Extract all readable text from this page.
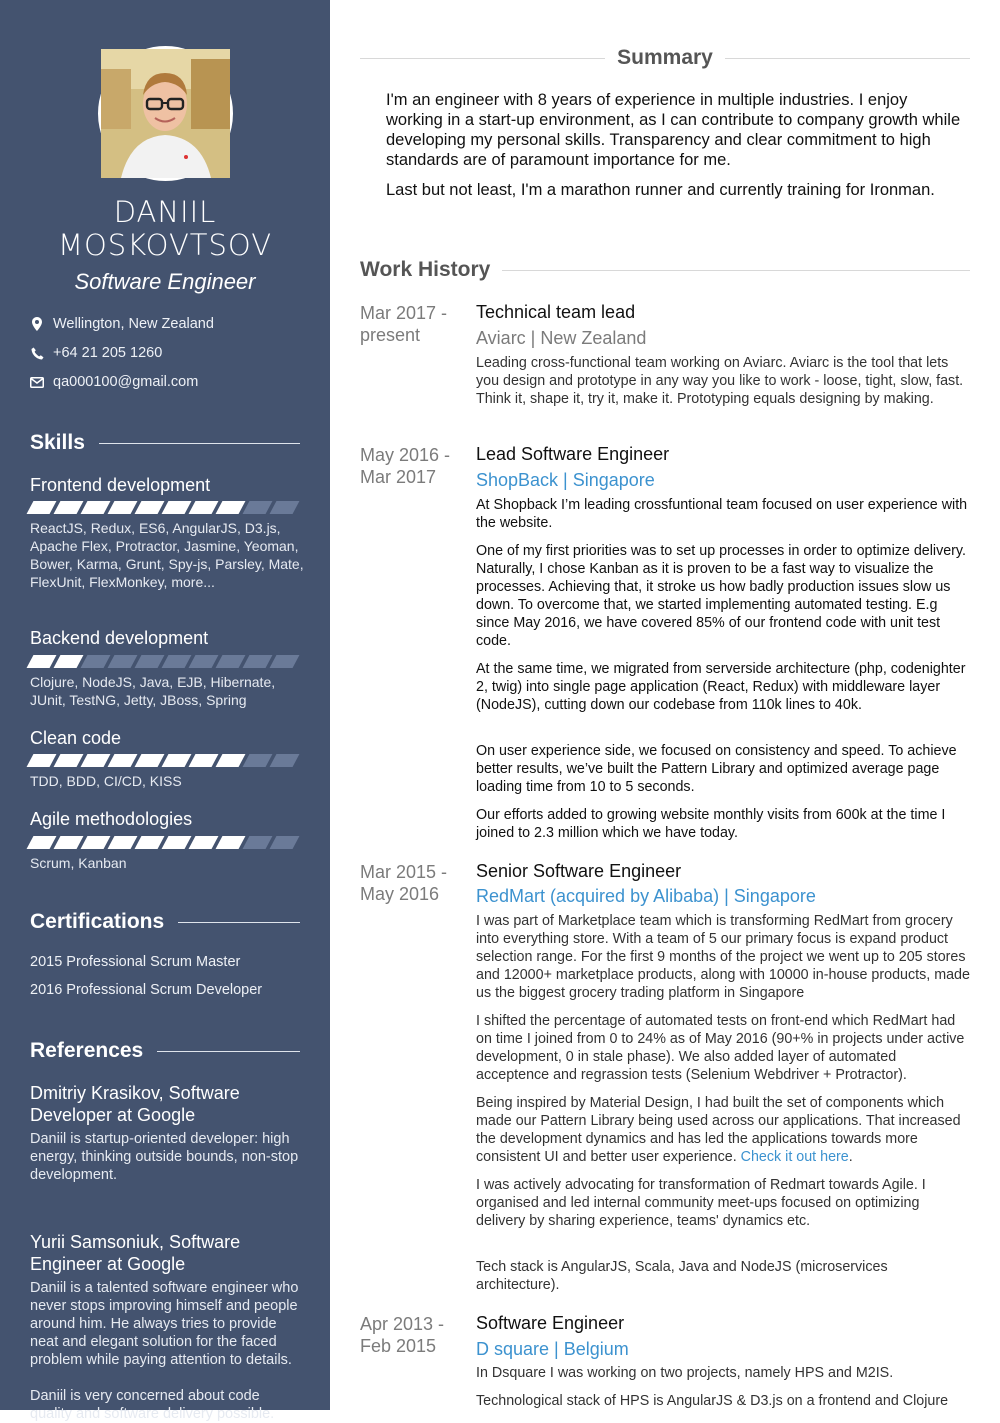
DANIIL
MOSKOVTSOV
Software Engineer
Wellington, New Zealand
+64 21 205 1260
qa000100@gmail.com
Skills
Frontend development
ReactJS, Redux, ES6, AngularJS, D3.js, Apache Flex, Protractor, Jasmine, Yeoman, Bower, Karma, Grunt, Spy-js, Parsley, Mate, FlexUnit, FlexMonkey, more...
Backend development
Clojure, NodeJS, Java, EJB, Hibernate, JUnit, TestNG, Jetty, JBoss, Spring
Clean code
TDD, BDD, CI/CD, KISS
Agile methodologies
Scrum, Kanban
Certifications
2015 Professional Scrum Master
2016 Professional Scrum Developer
References
Dmitriy Krasikov, Software Developer at Google
Daniil is startup-oriented developer: high energy, thinking outside bounds, non-stop development.
Yurii Samsoniuk, Software Engineer at Google
Daniil is a talented software engineer who never stops improving himself and people around him. He always tries to provide neat and elegant solution for the faced problem while paying attention to details.
Daniil is very concerned about code quality and software delivery possible.
Summary
I'm an engineer with 8 years of experience in multiple industries. I enjoy working in a start-up environment, as I can contribute to company growth while developing my personal skills. Transparency and clear commitment to high standards are of paramount importance for me.
Last but not least, I'm a marathon runner and currently training for Ironman.
Work History
Mar 2017 - present
Technical team lead
Aviarc | New Zealand
Leading cross-functional team working on Aviarc. Aviarc is the tool that lets you design and prototype in any way you like to work - loose, tight, slow, fast. Think it, shape it, try it, make it. Prototyping equals designing by making.
May 2016 - Mar 2017
Lead Software Engineer
ShopBack | Singapore
At Shopback I’m leading crossfuntional team focused on user experience with the website.
One of my first priorities was to set up processes in order to optimize delivery. Naturally, I chose Kanban as it is proven to be a fast way to visualize the processes. Achieving that, it stroke us how badly production issues slow us down. To overcome that, we started implementing automated testing. E.g since May 2016, we have covered 85% of our frontend code with unit test code.
At the same time, we migrated from serverside architecture (php, codenighter 2, twig) into single page application (React, Redux) with middleware layer (NodeJS), cutting down our codebase from 110k lines to 40k.
On user experience side, we focused on consistency and speed. To achieve better results, we’ve built the Pattern Library and optimized average page loading time from 10 to 5 seconds.
Our efforts added to growing website monthly visits from 600k at the time I joined to 2.3 million which we have today.
Mar 2015 - May 2016
Senior Software Engineer
RedMart (acquired by Alibaba) | Singapore
I was part of Marketplace team which is transforming RedMart from grocery into everything store. With a team of 5 our primary focus is expand product selection range. For the first 9 months of the project we went up to 205 stores and 12000+ marketplace products, along with 10000 in-house products, made us the biggest grocery trading platform in Singapore
I shifted the percentage of automated tests on front-end which RedMart had on time I joined from 0 to 24% as of May 2016 (90+% in projects under active development, 0 in stale phase). We also added layer of automated acceptence and regrassion tests (Selenium Webdriver + Protractor).
Being inspired by Material Design, I had built the set of components which made our Pattern Library being used across our applications. That increased the development dynamics and has led the applications towards more consistent UI and better user experience. Check it out here.
I was actively advocating for transformation of Redmart towards Agile. I organised and led internal community meet-ups focused on optimizing delivery by sharing experience, teams' dynamics etc.
Tech stack is AngularJS, Scala, Java and NodeJS (microservices architecture).
Apr 2013 - Feb 2015
Software Engineer
D square | Belgium
In Dsquare I was working on two projects, namely HPS and M2IS.
Technological stack of HPS is AngularJS & D3.js on a frontend and Clojure
